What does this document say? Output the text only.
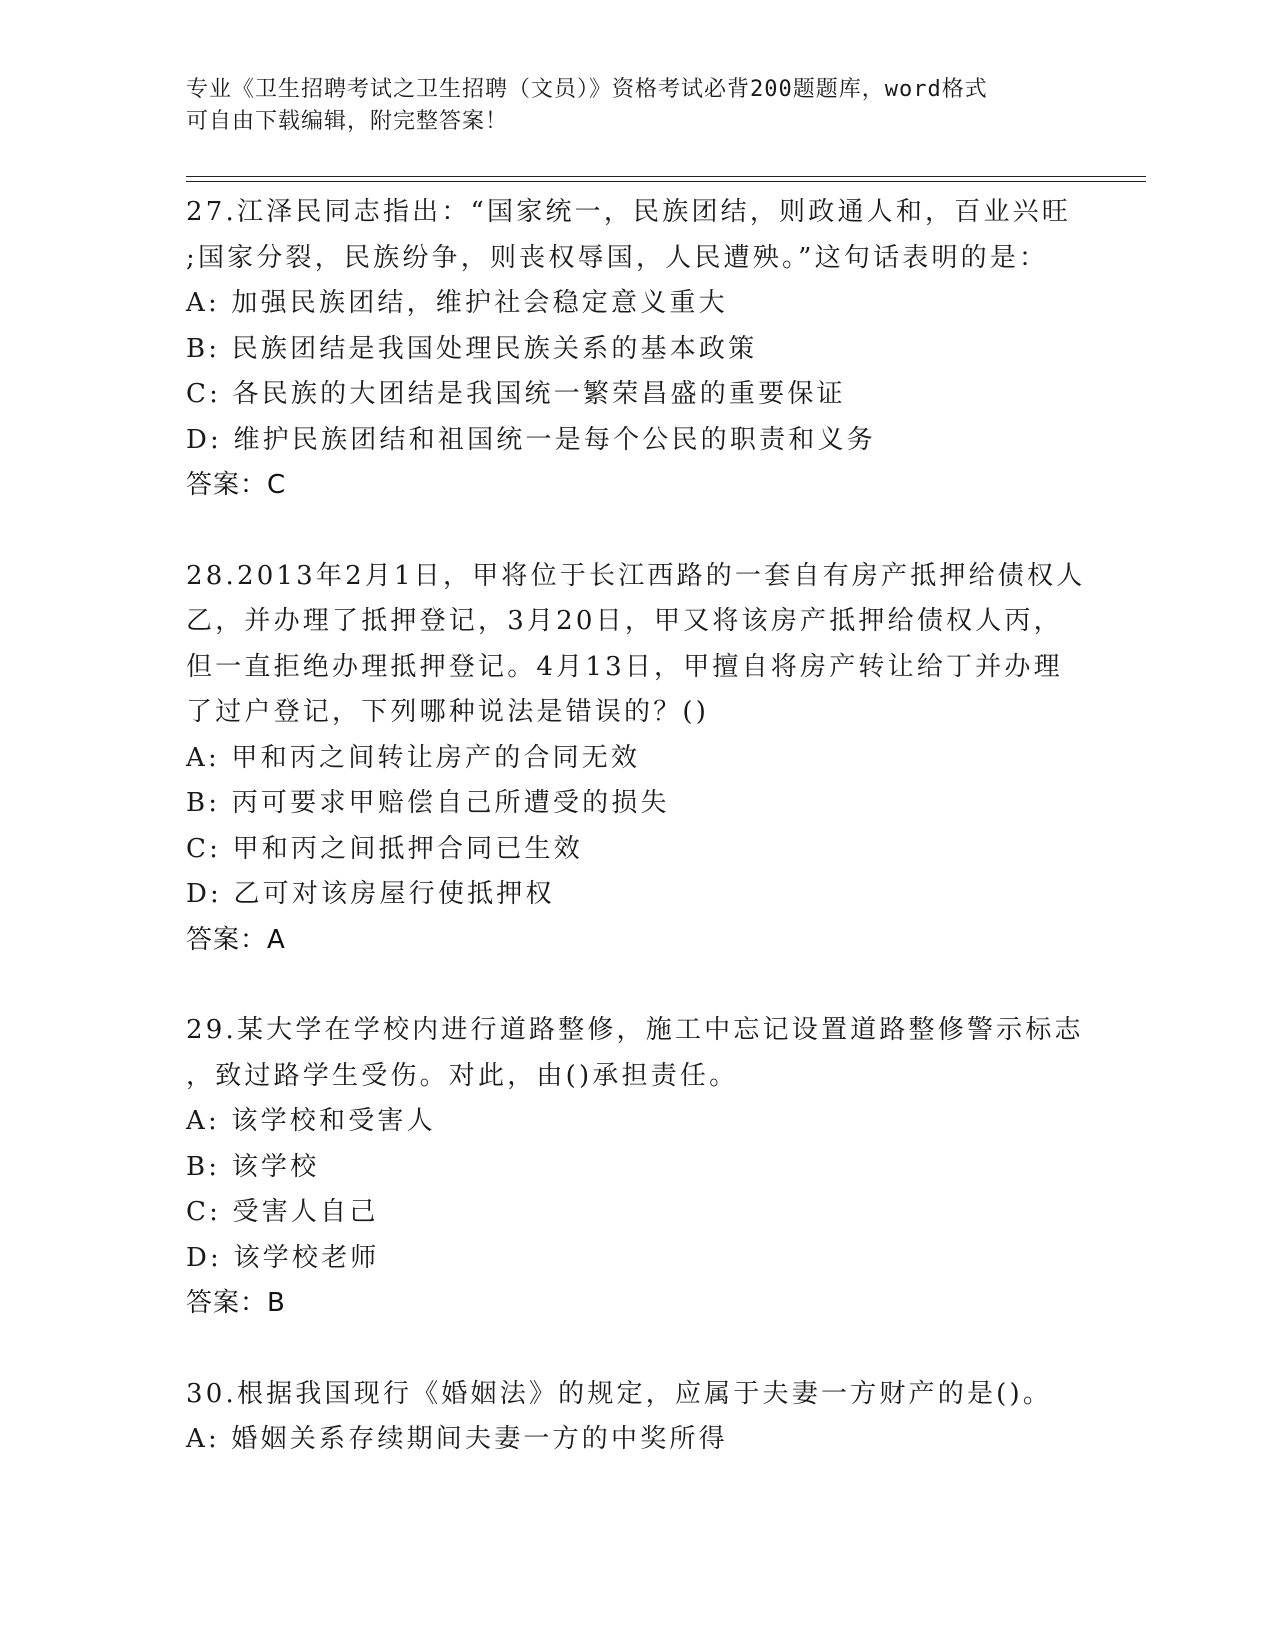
专业《卫生招聘考试之卫生招聘（文员）》资格考试必背200题题库，word格式
可自由下载编辑，附完整答案！
27.江泽民同志指出：“国家统一，民族团结，则政通人和，百业兴旺
;国家分裂，民族纷争，则丧权辱国，人民遭殃。”这句话表明的是：
A: 加强民族团结，维护社会稳定意义重大
B: 民族团结是我国处理民族关系的基本政策
C: 各民族的大团结是我国统一繁荣昌盛的重要保证
D: 维护民族团结和祖国统一是每个公民的职责和义务
答案：C
28.2013年2月1日，甲将位于长江西路的一套自有房产抵押给债权人
乙，并办理了抵押登记，3月20日，甲又将该房产抵押给债权人丙，
但一直拒绝办理抵押登记。4月13日，甲擅自将房产转让给丁并办理
了过户登记，下列哪种说法是错误的？()
A: 甲和丙之间转让房产的合同无效
B: 丙可要求甲赔偿自己所遭受的损失
C: 甲和丙之间抵押合同已生效
D: 乙可对该房屋行使抵押权
答案：A
29.某大学在学校内进行道路整修，施工中忘记设置道路整修警示标志
，致过路学生受伤。对此，由()承担责任。
A: 该学校和受害人
B: 该学校
C: 受害人自己
D: 该学校老师
答案：B
30.根据我国现行《婚姻法》的规定，应属于夫妻一方财产的是()。
A: 婚姻关系存续期间夫妻一方的中奖所得
